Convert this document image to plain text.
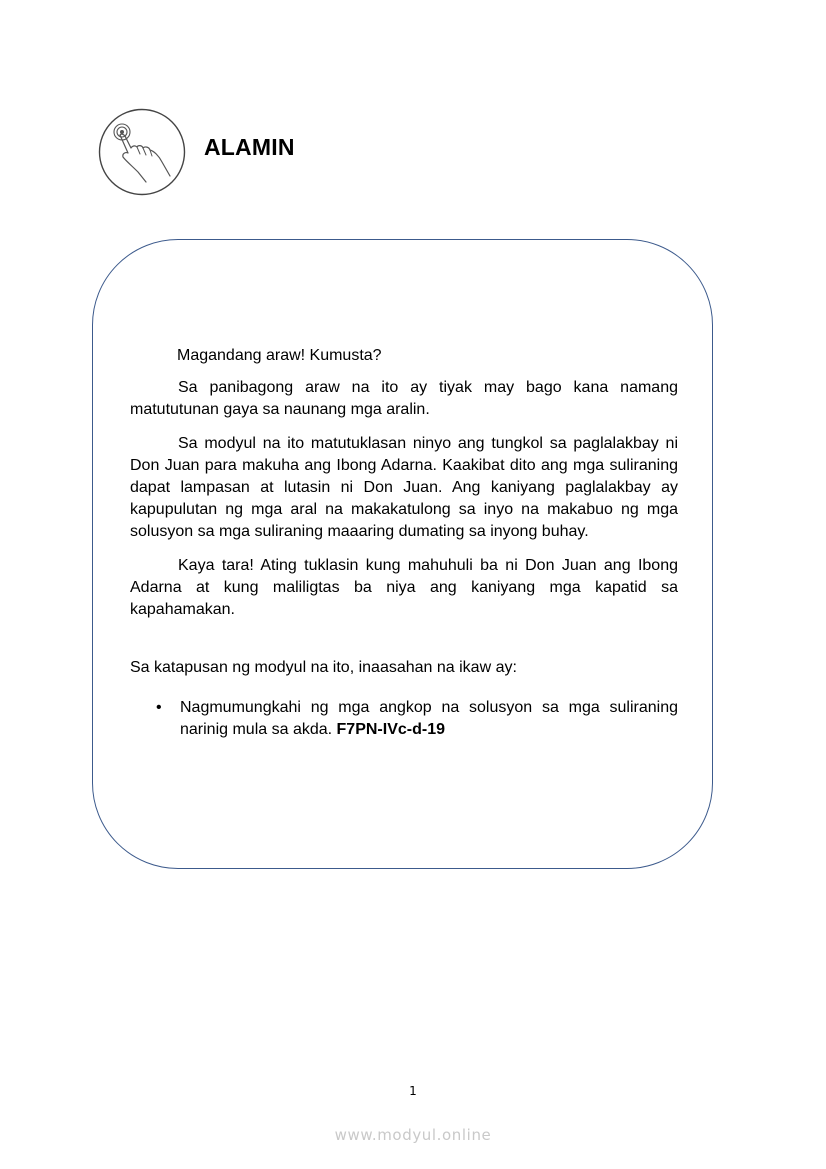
ALAMIN

Magandang araw! Kumusta?

Sa panibagong araw na ito ay tiyak may bago kana namang matututunan gaya sa naunang mga aralin.

Sa modyul na ito matutuklasan ninyo ang tungkol sa paglalakbay ni Don Juan para makuha ang Ibong Adarna. Kaakibat dito ang mga suliraning dapat lampasan at lutasin ni Don Juan. Ang kaniyang paglalakbay ay kapupulutan ng mga aral na makakatulong sa inyo na makabuo ng mga solusyon sa mga suliraning maaaring dumating sa inyong buhay.

Kaya tara! Ating tuklasin kung mahuhuli ba ni Don Juan ang Ibong Adarna at kung maliligtas ba niya ang kaniyang mga kapatid sa kapahamakan.

Sa katapusan ng modyul na ito, inaasahan na ikaw ay:

• Nagmumungkahi ng mga angkop na solusyon sa mga suliraning narinig mula sa akda. F7PN-IVc-d-19
1
www.modyul.online
